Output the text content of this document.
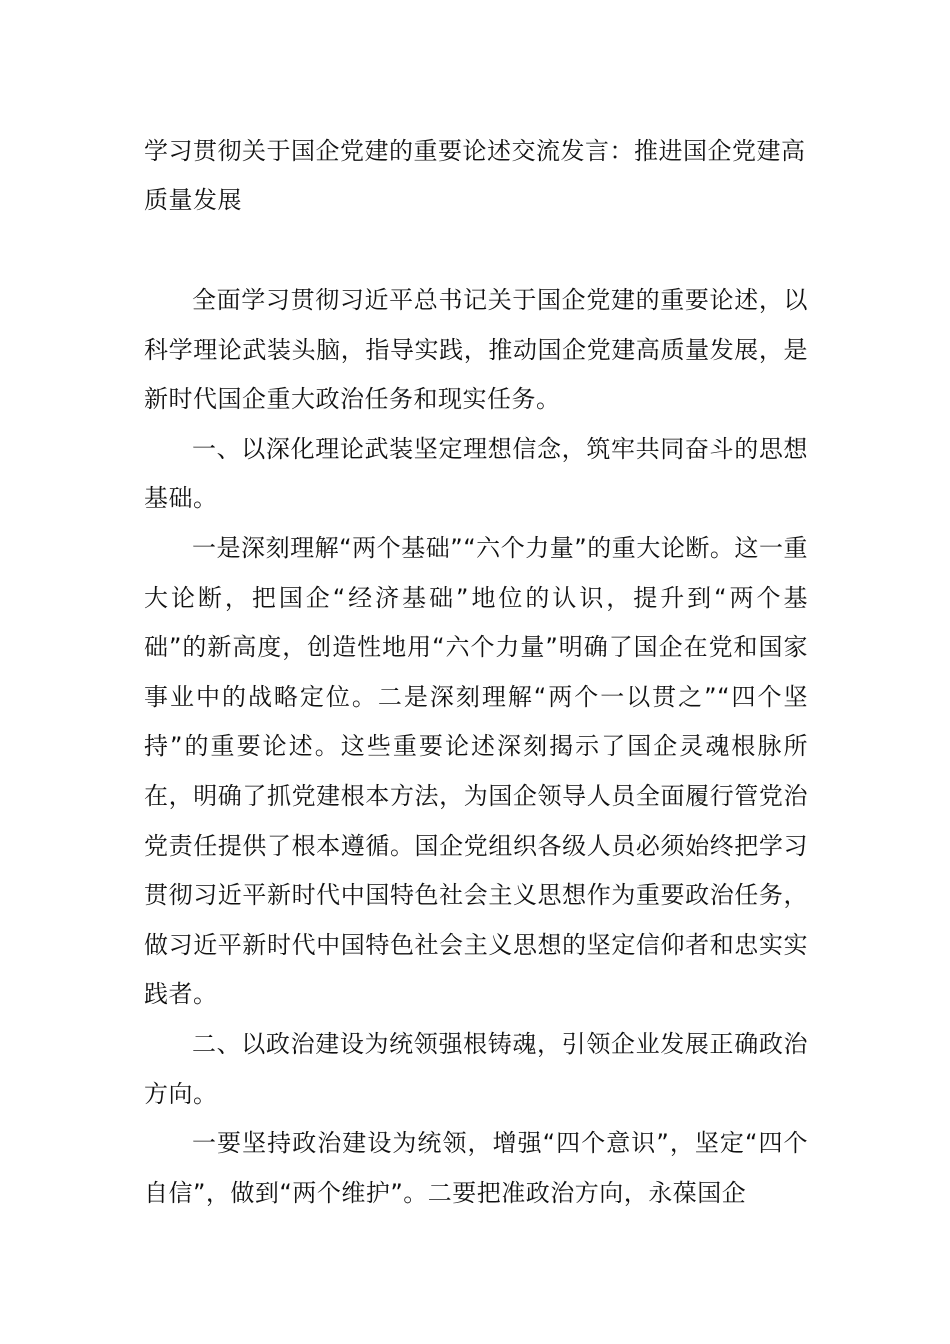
学习贯彻关于国企党建的重要论述交流发言：推进国企党建高质量发展

全面学习贯彻习近平总书记关于国企党建的重要论述，以科学理论武装头脑，指导实践，推动国企党建高质量发展，是新时代国企重大政治任务和现实任务。

一、以深化理论武装坚定理想信念，筑牢共同奋斗的思想基础。

一是深刻理解“两个基础”“六个力量”的重大论断。这一重大论断，把国企“经济基础”地位的认识，提升到“两个基础”的新高度，创造性地用“六个力量”明确了国企在党和国家事业中的战略定位。二是深刻理解“两个一以贯之”“四个坚持”的重要论述。这些重要论述深刻揭示了国企灵魂根脉所在，明确了抓党建根本方法，为国企领导人员全面履行管党治党责任提供了根本遵循。国企党组织各级人员必须始终把学习贯彻习近平新时代中国特色社会主义思想作为重要政治任务，做习近平新时代中国特色社会主义思想的坚定信仰者和忠实实践者。

二、以政治建设为统领强根铸魂，引领企业发展正确政治方向。

一要坚持政治建设为统领，增强“四个意识”，坚定“四个自信”，做到“两个维护”。二要把准政治方向，永葆国企
